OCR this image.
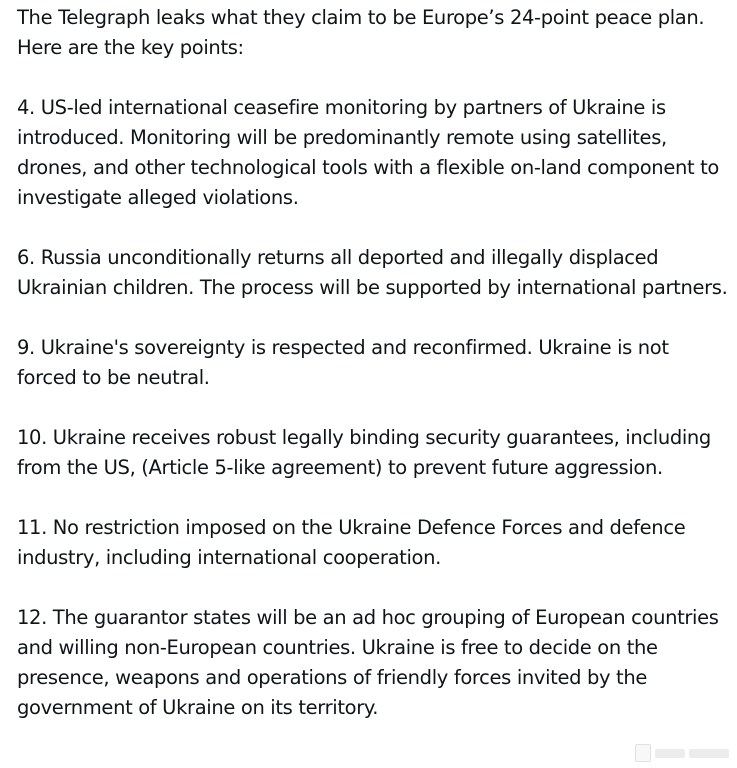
The Telegraph leaks what they claim to be Europe’s 24-point peace plan. Here are the key points:

4. US-led international ceasefire monitoring by partners of Ukraine is introduced. Monitoring will be predominantly remote using satellites, drones, and other technological tools with a flexible on-land component to investigate alleged violations.

6. Russia unconditionally returns all deported and illegally displaced Ukrainian children. The process will be supported by international partners.

9. Ukraine's sovereignty is respected and reconfirmed. Ukraine is not forced to be neutral.

10. Ukraine receives robust legally binding security guarantees, including from the US, (Article 5-like agreement) to prevent future aggression.

11. No restriction imposed on the Ukraine Defence Forces and defence industry, including international cooperation.

12. The guarantor states will be an ad hoc grouping of European countries and willing non-European countries. Ukraine is free to decide on the presence, weapons and operations of friendly forces invited by the government of Ukraine on its territory.
